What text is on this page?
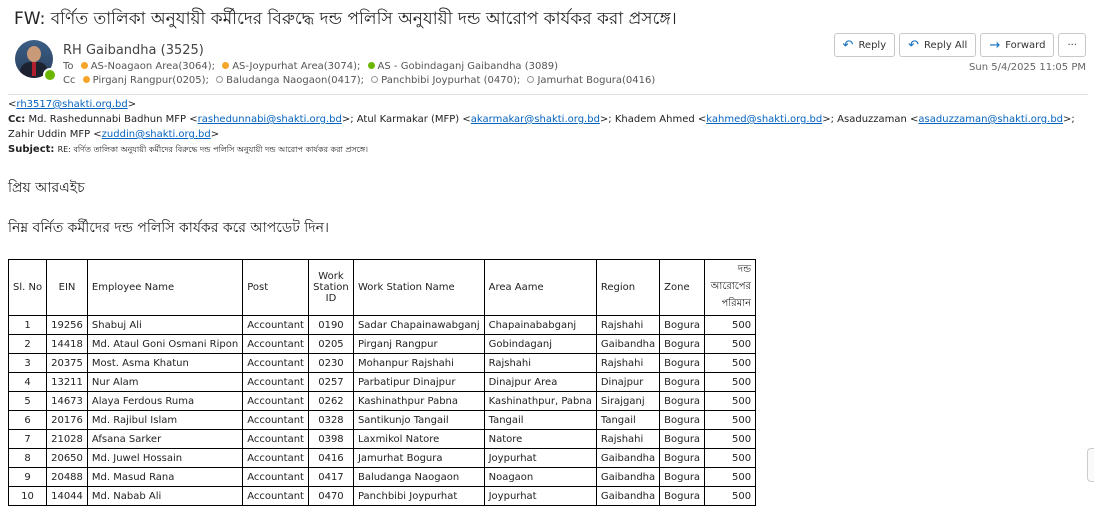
FW: বর্ণিত তালিকা অনুযায়ী কর্মীদের বিরুদ্ধে দন্ড পলিসি অনুযায়ী দন্ড আরোপ কার্যকর করা প্রসঙ্গে।
RH Gaibandha (3525)
To AS-Noagaon Area(3064); AS-Joypurhat Area(3074); AS - Gobindaganj Gaibandha (3089)
Cc Pirganj Rangpur(0205); Baludanga Naogaon(0417); Panchbibi Joypurhat (0470); Jamurhat Bogura(0416)
↶ Reply ↶ Reply All → Forward ···
Sun 5/4/2025 11:05 PM
<rh3517@shakti.org.bd>
Cc: Md. Rashedunnabi Badhun MFP <rashedunnabi@shakti.org.bd>; Atul Karmakar (MFP) <akarmakar@shakti.org.bd>; Khadem Ahmed <kahmed@shakti.org.bd>; Asaduzzaman <asaduzzaman@shakti.org.bd>; Zahir Uddin MFP <zuddin@shakti.org.bd>
Subject: RE: বর্ণিত তালিকা অনুযায়ী কর্মীদের বিরুদ্ধে দন্ড পলিসি অনুযায়ী দন্ড আরোপ কার্যকর করা প্রসঙ্গে।
প্রিয় আরএইচ
নিম্ন বর্নিত কর্মীদের দন্ড পলিসি কার্যকর করে আপডেট দিন।
Sl. No	EIN	Employee Name	Post	Work Station ID	Work Station Name	Area Aame	Region	Zone	দন্ড আরোপের পরিমান
1	19256	Shabuj Ali	Accountant	0190	Sadar Chapainawabganj	Chapainababganj	Rajshahi	Bogura	500
2	14418	Md. Ataul Goni Osmani Ripon	Accountant	0205	Pirganj Rangpur	Gobindaganj	Gaibandha	Bogura	500
3	20375	Most. Asma Khatun	Accountant	0230	Mohanpur Rajshahi	Rajshahi	Rajshahi	Bogura	500
4	13211	Nur Alam	Accountant	0257	Parbatipur Dinajpur	Dinajpur Area	Dinajpur	Bogura	500
5	14673	Alaya Ferdous Ruma	Accountant	0262	Kashinathpur Pabna	Kashinathpur, Pabna	Sirajganj	Bogura	500
6	20176	Md. Rajibul Islam	Accountant	0328	Santikunjo Tangail	Tangail	Tangail	Bogura	500
7	21028	Afsana Sarker	Accountant	0398	Laxmikol Natore	Natore	Rajshahi	Bogura	500
8	20650	Md. Juwel Hossain	Accountant	0416	Jamurhat Bogura	Joypurhat	Gaibandha	Bogura	500
9	20488	Md. Masud Rana	Accountant	0417	Baludanga Naogaon	Noagaon	Gaibandha	Bogura	500
10	14044	Md. Nabab Ali	Accountant	0470	Panchbibi Joypurhat	Joypurhat	Gaibandha	Bogura	500
